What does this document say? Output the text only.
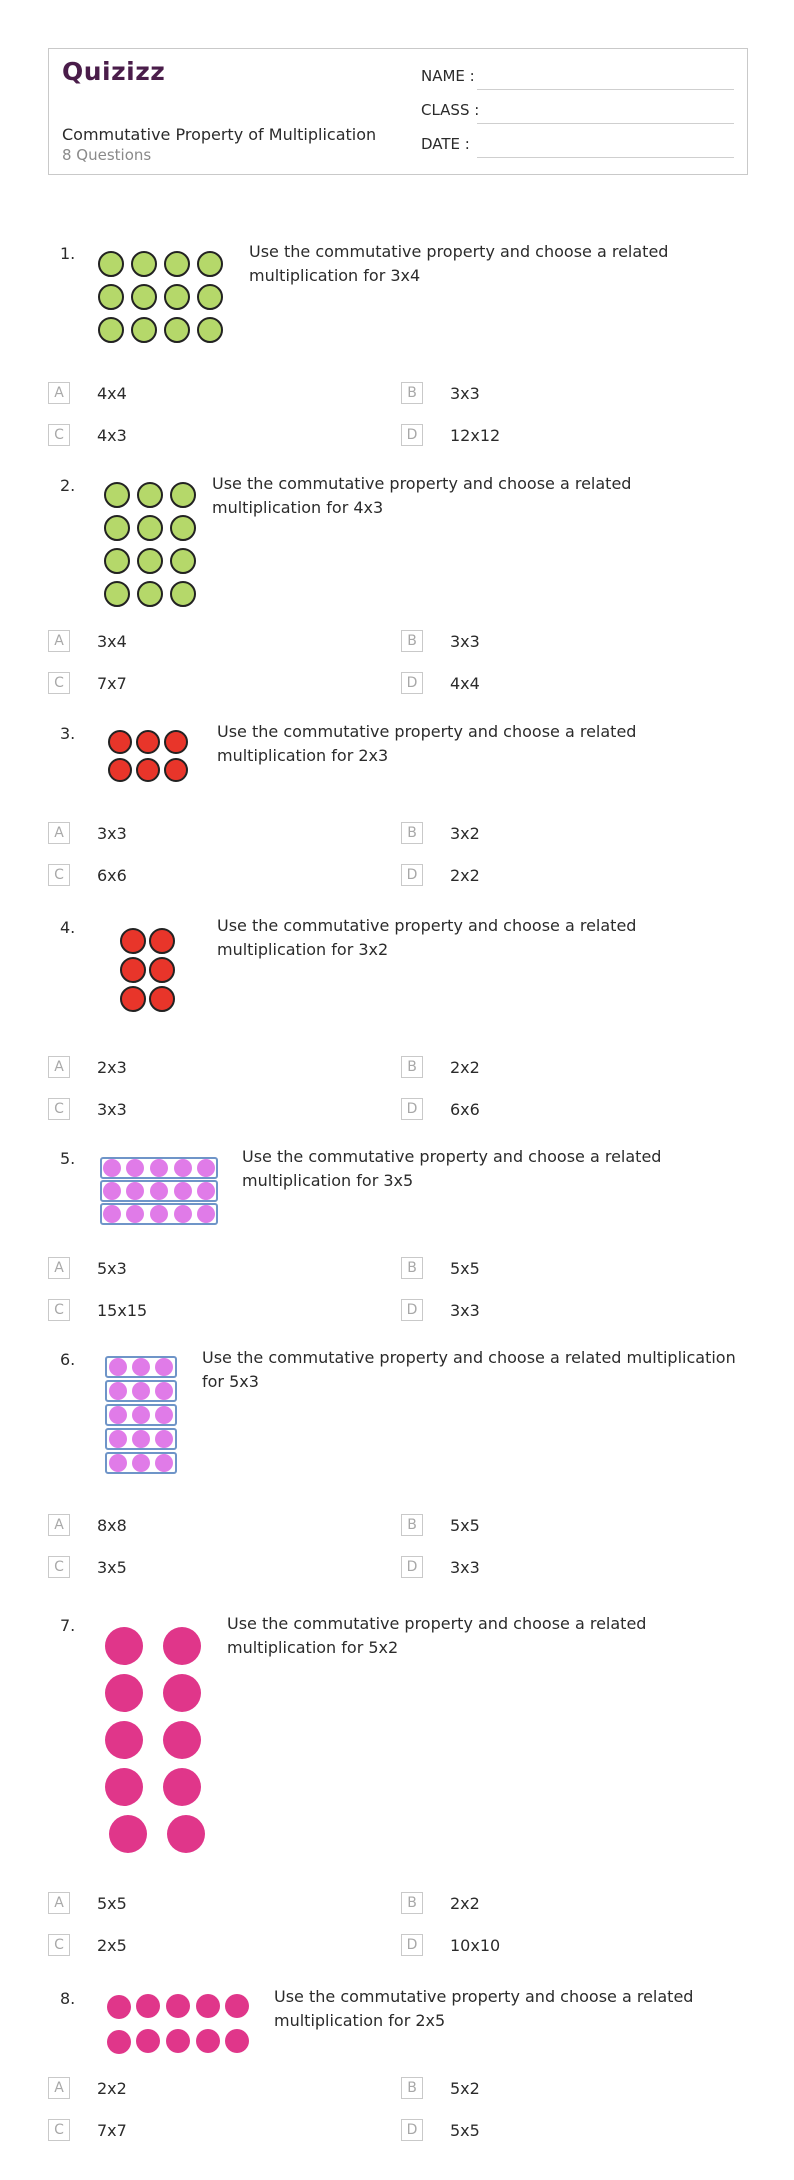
Quizizz
Commutative Property of Multiplication
8 Questions
NAME :
CLASS :
DATE :
1.	Use the commutative property and choose a related multiplication for 3x4
A	4x4	B	3x3
C	4x3	D	12x12
2.	Use the commutative property and choose a related multiplication for 4x3
A	3x4	B	3x3
C	7x7	D	4x4
3.	Use the commutative property and choose a related multiplication for 2x3
A	3x3	B	3x2
C	6x6	D	2x2
4.	Use the commutative property and choose a related multiplication for 3x2
A	2x3	B	2x2
C	3x3	D	6x6
5.	Use the commutative property and choose a related multiplication for 3x5
A	5x3	B	5x5
C	15x15	D	3x3
6.	Use the commutative property and choose a related multiplication for 5x3
A	8x8	B	5x5
C	3x5	D	3x3
7.	Use the commutative property and choose a related multiplication for 5x2
A	5x5	B	2x2
C	2x5	D	10x10
8.	Use the commutative property and choose a related multiplication for 2x5
A	2x2	B	5x2
C	7x7	D	5x5
